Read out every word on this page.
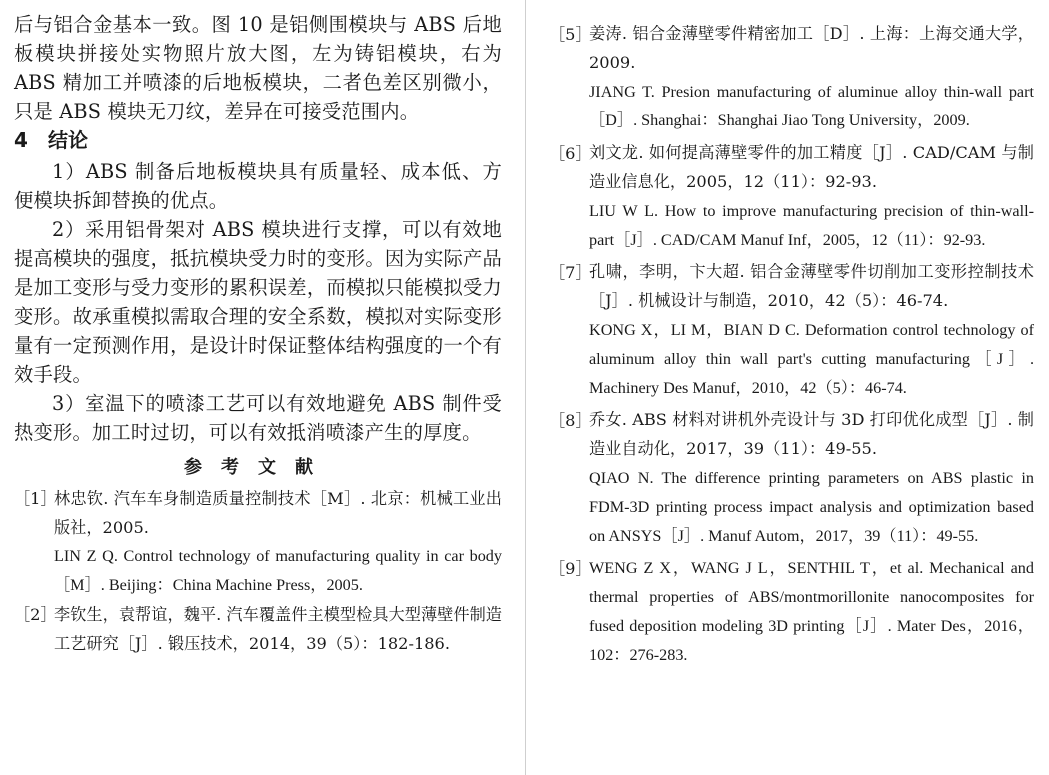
后与铝合金基本一致。图 10 是铝侧围模块与 ABS 后地板模块拼接处实物照片放大图，左为铸铝模块，右为 ABS 精加工并喷漆的后地板模块，二者色差区别微小，只是 ABS 模块无刀纹，差异在可接受范围内。

4 结论

1）ABS 制备后地板模块具有质量轻、成本低、方便模块拆卸替换的优点。

2）采用铝骨架对 ABS 模块进行支撑，可以有效地提高模块的强度，抵抗模块受力时的变形。因为实际产品是加工变形与受力变形的累积误差，而模拟只能模拟受力变形。故承重模拟需取合理的安全系数，模拟对实际变形量有一定预测作用，是设计时保证整体结构强度的一个有效手段。

3）室温下的喷漆工艺可以有效地避免 ABS 制件受热变形。加工时过切，可以有效抵消喷漆产生的厚度。

参考文献
［1］

林忠钦. 汽车车身制造质量控制技术［M］. 北京：机械工业出版社，2005.

LIN Z Q. Control technology of manufacturing quality in car body［M］. Beijing：China Machine Press，2005.

［2］

李钦生，袁帮谊，魏平. 汽车覆盖件主模型检具大型薄壁件制造工艺研究［J］. 锻压技术，2014，39（5）：182-186.

［5］

姜涛. 铝合金薄壁零件精密加工［D］. 上海：上海交通大学，2009.

JIANG T. Presion manufacturing of aluminue alloy thin-wall part［D］. Shanghai：Shanghai Jiao Tong University，2009.

［6］

刘文龙. 如何提高薄壁零件的加工精度［J］. CAD/CAM 与制造业信息化，2005，12（11）：92-93.

LIU W L. How to improve manufacturing precision of thin-wall-part［J］. CAD/CAM Manuf Inf，2005，12（11）：92-93.

［7］

孔啸，李明，卞大超. 铝合金薄壁零件切削加工变形控制技术［J］. 机械设计与制造，2010，42（5）：46-74.

KONG X，LI M，BIAN D C. Deformation control technology of aluminum alloy thin wall part's cutting manufacturing［J］. Machinery Des Manuf，2010，42（5）：46-74.

［8］

乔女. ABS 材料对讲机外壳设计与 3D 打印优化成型［J］. 制造业自动化，2017，39（11）：49-55.

QIAO N. The difference printing parameters on ABS plastic in FDM-3D printing process impact analysis and optimization based on ANSYS［J］. Manuf Autom，2017，39（11）：49-55.

［9］

WENG Z X，WANG J L，SENTHIL T，et al. Mechanical and thermal properties of ABS/montmorillonite nanocomposites for fused deposition modeling 3D printing［J］. Mater Des，2016，102：276-283.
